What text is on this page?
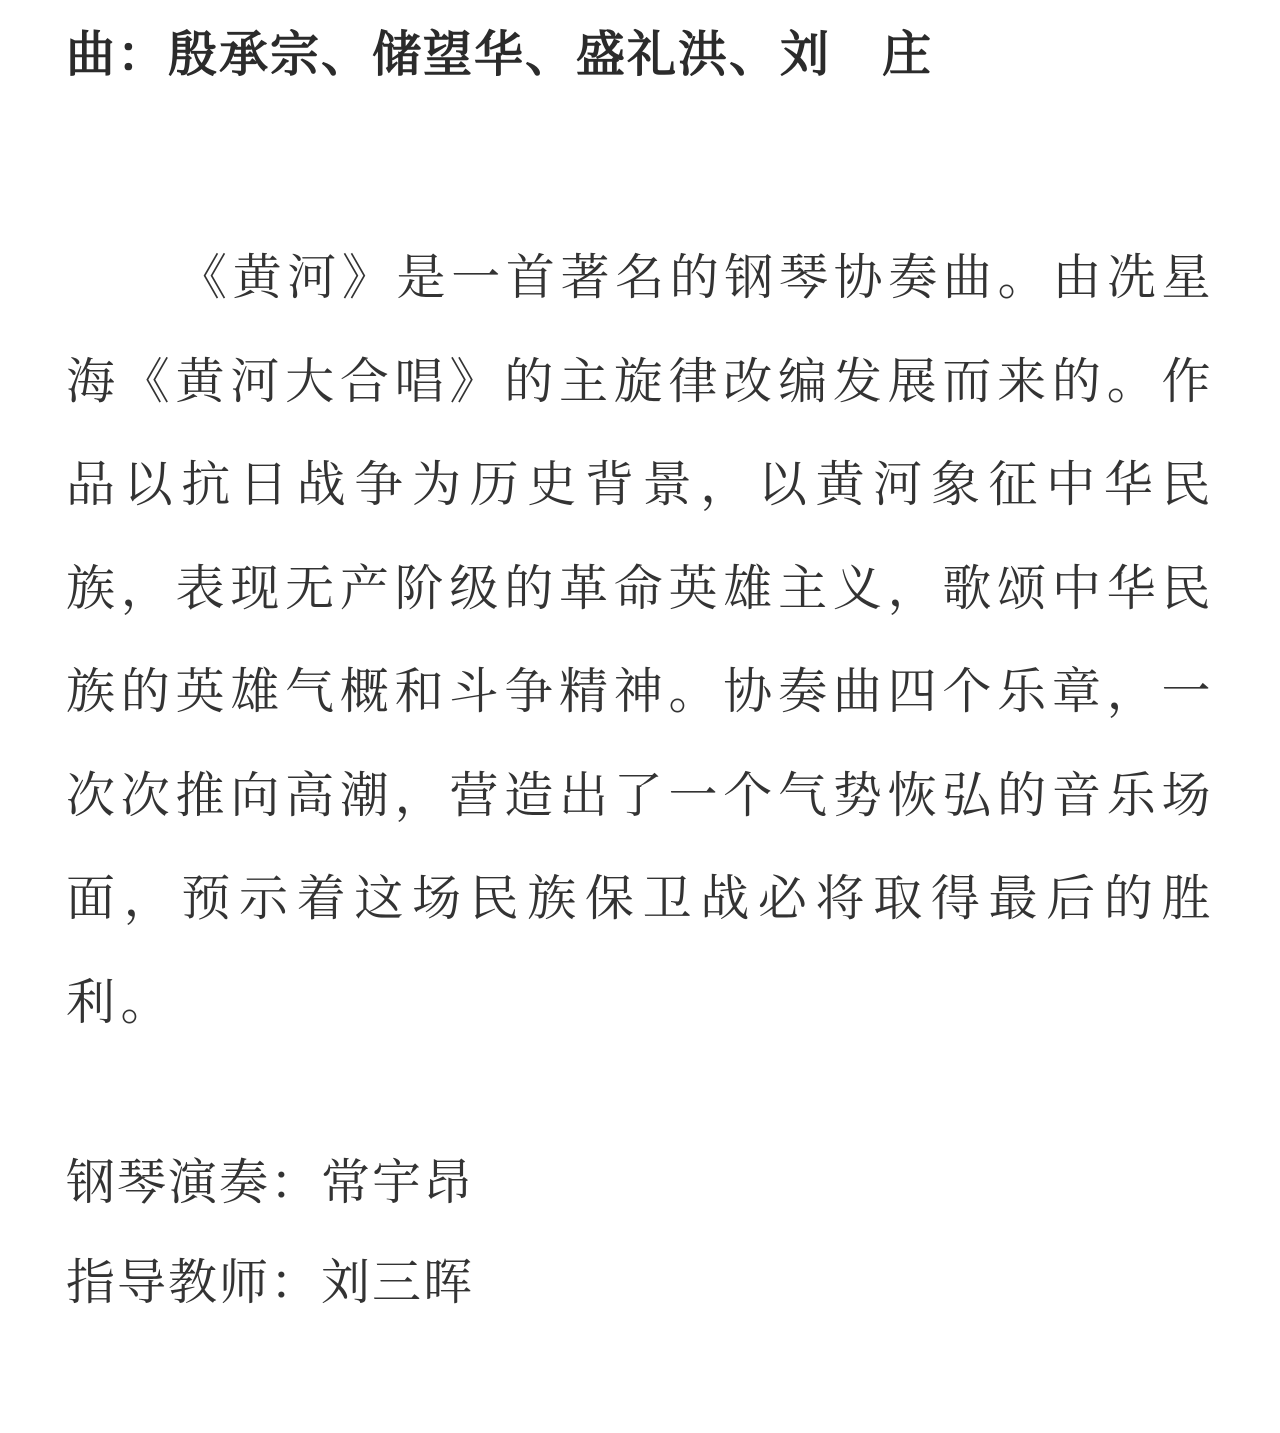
曲：殷承宗、储望华、盛礼洪、刘　庄

《黄河》是一首著名的钢琴协奏曲。由冼星海《黄河大合唱》的主旋律改编发展而来的。作品以抗日战争为历史背景，以黄河象征中华民族，表现无产阶级的革命英雄主义，歌颂中华民族的英雄气概和斗争精神。协奏曲四个乐章，一次次推向高潮，营造出了一个气势恢弘的音乐场面，预示着这场民族保卫战必将取得最后的胜利。

钢琴演奏：常宇昂

指导教师：刘三晖
